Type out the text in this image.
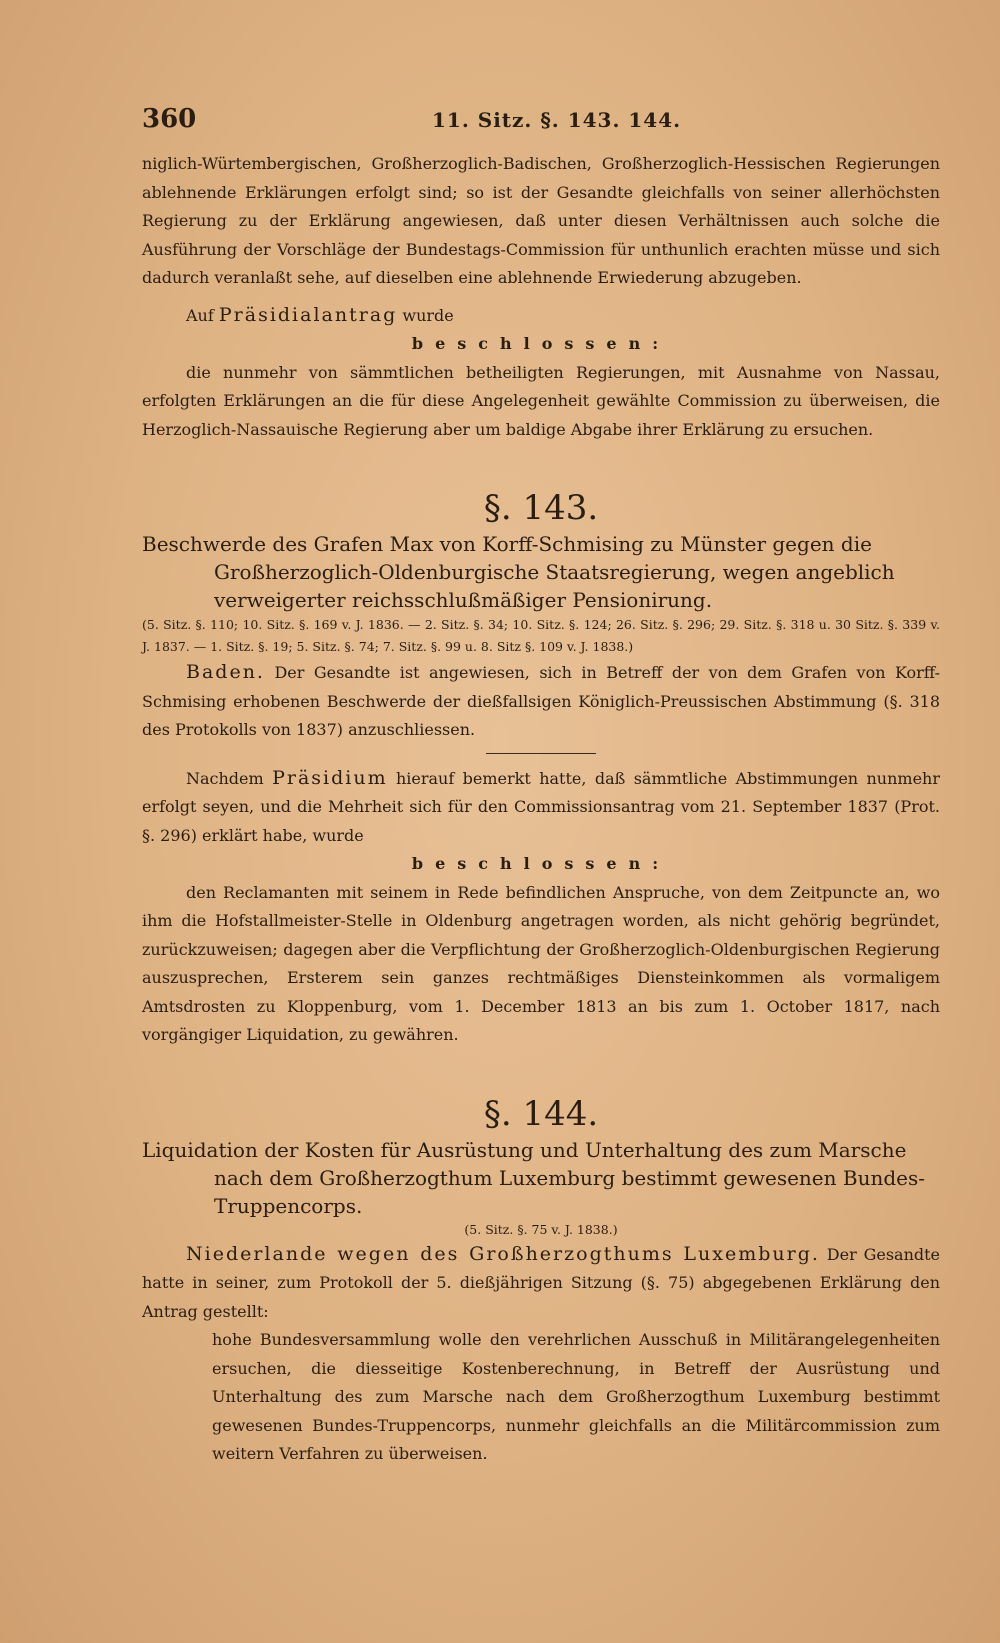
360	11. Sitz. §. 143. 144.

niglich-Würtembergischen, Großherzoglich-Badischen, Großherzoglich-Hessischen Regierungen ablehnende Erklärungen erfolgt sind; so ist der Gesandte gleichfalls von seiner allerhöchsten Regierung zu der Erklärung angewiesen, daß unter diesen Verhältnissen auch solche die Ausführung der Vorschläge der Bundestags-Commission für unthunlich erachten müsse und sich dadurch veranlaßt sehe, auf dieselben eine ablehnende Erwiederung abzugeben.

Auf Präsidialantrag wurde

beschlossen:

die nunmehr von sämmtlichen betheiligten Regierungen, mit Ausnahme von Nassau, erfolgten Erklärungen an die für diese Angelegenheit gewählte Commission zu überweisen, die Herzoglich-Nassauische Regierung aber um baldige Abgabe ihrer Erklärung zu ersuchen.

§. 143.

Beschwerde des Grafen Max von Korff-Schmising zu Münster gegen die Großherzoglich-Oldenburgische Staatsregierung, wegen angeblich verweigerter reichsschlußmäßiger Pensionirung.

(5. Sitz. §. 110; 10. Sitz. §. 169 v. J. 1836. — 2. Sitz. §. 34; 10. Sitz. §. 124; 26. Sitz. §. 296; 29. Sitz. §. 318 u. 30 Sitz. §. 339 v. J. 1837. — 1. Sitz. §. 19; 5. Sitz. §. 74; 7. Sitz. §. 99 u. 8. Sitz §. 109 v. J. 1838.)

Baden. Der Gesandte ist angewiesen, sich in Betreff der von dem Grafen von Korff-Schmising erhobenen Beschwerde der dießfallsigen Königlich-Preussischen Abstimmung (§. 318 des Protokolls von 1837) anzuschliessen.

Nachdem Präsidium hierauf bemerkt hatte, daß sämmtliche Abstimmungen nunmehr erfolgt seyen, und die Mehrheit sich für den Commissionsantrag vom 21. September 1837 (Prot. §. 296) erklärt habe, wurde

beschlossen:

den Reclamanten mit seinem in Rede befindlichen Anspruche, von dem Zeitpuncte an, wo ihm die Hofstallmeister-Stelle in Oldenburg angetragen worden, als nicht gehörig begründet, zurückzuweisen; dagegen aber die Verpflichtung der Großherzoglich-Oldenburgischen Regierung auszusprechen, Ersterem sein ganzes rechtmäßiges Diensteinkommen als vormaligem Amtsdrosten zu Kloppenburg, vom 1. December 1813 an bis zum 1. October 1817, nach vorgängiger Liquidation, zu gewähren.

§. 144.

Liquidation der Kosten für Ausrüstung und Unterhaltung des zum Marsche nach dem Großherzogthum Luxemburg bestimmt gewesenen Bundes-Truppencorps.

(5. Sitz. §. 75 v. J. 1838.)

Niederlande wegen des Großherzogthums Luxemburg. Der Gesandte hatte in seiner, zum Protokoll der 5. dießjährigen Sitzung (§. 75) abgegebenen Erklärung den Antrag gestellt:

hohe Bundesversammlung wolle den verehrlichen Ausschuß in Militärangelegenheiten ersuchen, die diesseitige Kostenberechnung, in Betreff der Ausrüstung und Unterhaltung des zum Marsche nach dem Großherzogthum Luxemburg bestimmt gewesenen Bundes-Truppencorps, nunmehr gleichfalls an die Militärcommission zum weitern Verfahren zu überweisen.
